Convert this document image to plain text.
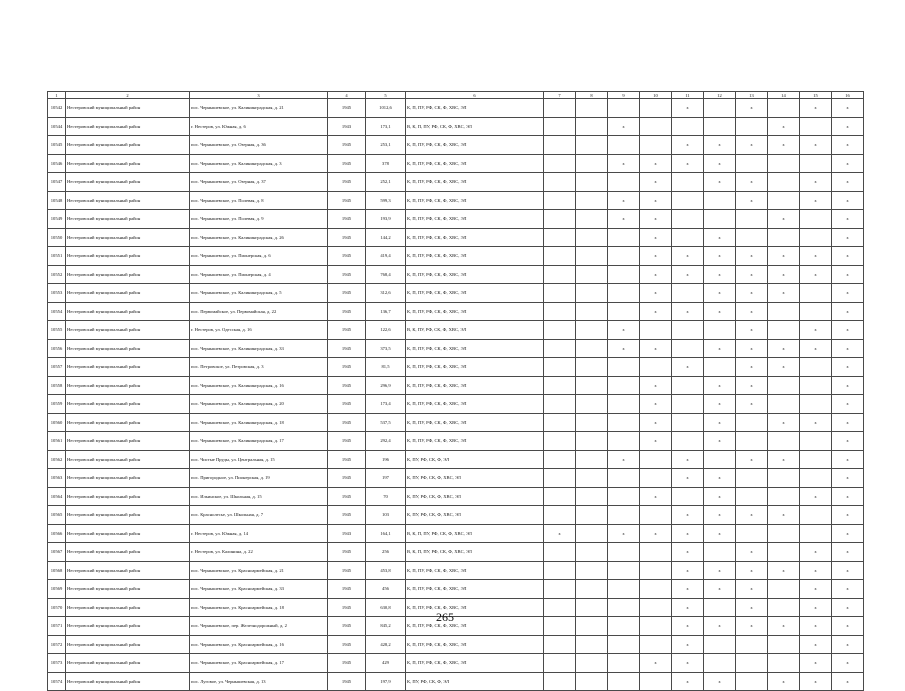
1	2	3	4	5	6	7	8	9	10	11	12	13	14	15	16
10542	Нестеровский муниципальный район	пос. Чернышевское, ул. Калининградская, д. 21	1945	1012,6	К, П, ПУ, РФ, СК, Ф, ХВС, ЭЛ					x		x		x	x
10544	Нестеровский муниципальный район	г. Нестеров, ул. Южная, д. 6	1943	173,1	В, К, П, ПУ, РФ, СК, Ф, ХВС, ЭЛ			x					x		x
10545	Нестеровский муниципальный район	пос. Чернышевское, ул. Озерная, д. 36	1945	253,1	К, П, ПУ, РФ, СК, Ф, ХВС, ЭЛ					x	x	x	x	x	x
10546	Нестеровский муниципальный район	пос. Чернышевское, ул. Калининградская, д. 3	1945	378	К, П, ПУ, РФ, СК, Ф, ХВС, ЭЛ			x	x	x	x				x
10547	Нестеровский муниципальный район	пос. Чернышевское, ул. Озерная, д. 37	1945	252,1	К, П, ПУ, РФ, СК, Ф, ХВС, ЭЛ				x		x	x		x	x
10548	Нестеровский муниципальный район	пос. Чернышевское, ул. Полевая, д. 8	1945	599,3	К, П, ПУ, РФ, СК, Ф, ХВС, ЭЛ			x	x			x		x	x
10549	Нестеровский муниципальный район	пос. Чернышевское, ул. Полевая, д. 9	1945	193,9	К, П, ПУ, РФ, СК, Ф, ХВС, ЭЛ			x	x				x		x
10550	Нестеровский муниципальный район	пос. Чернышевское, ул. Калининградская, д. 26	1945	144,2	К, П, ПУ, РФ, СК, Ф, ХВС, ЭЛ				x		x				x
10551	Нестеровский муниципальный район	пос. Чернышевское, ул. Пионерская, д. 6	1945	419,4	К, П, ПУ, РФ, СК, Ф, ХВС, ЭЛ				x	x	x	x	x	x	x
10552	Нестеровский муниципальный район	пос. Чернышевское, ул. Пионерская, д. 4	1945	768,4	К, П, ПУ, РФ, СК, Ф, ХВС, ЭЛ				x	x	x	x	x	x	x
10553	Нестеровский муниципальный район	пос. Чернышевское, ул. Калининградская, д. 5	1945	312,6	К, П, ПУ, РФ, СК, Ф, ХВС, ЭЛ				x		x	x	x		x
10554	Нестеровский муниципальный район	пос. Первомайское, ул. Первомайская, д. 22	1945	136,7	К, П, ПУ, РФ, СК, Ф, ХВС, ЭЛ				x	x	x	x			x
10555	Нестеровский муниципальный район	г. Нестеров, ул. Одесская, д. 16	1945	122,6	В, К, ПУ, РФ, СК, Ф, ХВС, ЭЛ			x				x		x	x
10556	Нестеровский муниципальный район	пос. Чернышевское, ул. Калининградская, д. 33	1945	373,5	К, П, ПУ, РФ, СК, Ф, ХВС, ЭЛ			x	x		x	x	x	x	x
10557	Нестеровский муниципальный район	пос. Петровское, ул. Петровская, д. 3	1945	81,5	К, П, ПУ, РФ, СК, Ф, ХВС, ЭЛ					x		x	x		x
10558	Нестеровский муниципальный район	пос. Чернышевское, ул. Калининградская, д. 16	1945	296,9	К, П, ПУ, РФ, СК, Ф, ХВС, ЭЛ				x		x	x			x
10559	Нестеровский муниципальный район	пос. Чернышевское, ул. Калининградская, д. 20	1945	173,4	К, П, ПУ, РФ, СК, Ф, ХВС, ЭЛ				x		x	x			x
10560	Нестеровский муниципальный район	пос. Чернышевское, ул. Калининградская, д. 18	1945	537,5	К, П, ПУ, РФ, СК, Ф, ХВС, ЭЛ				x		x		x	x	x
10561	Нестеровский муниципальный район	пос. Чернышевское, ул. Калининградская, д. 17	1945	292,4	К, П, ПУ, РФ, СК, Ф, ХВС, ЭЛ				x		x				x
10562	Нестеровский муниципальный район	пос. Чистые Пруды, ул. Центральная, д. 15	1945	196	К, ПУ, РФ, СК, Ф, ЭЛ			x		x		x	x		x
10563	Нестеровский муниципальный район	пос. Пригородное, ул. Пионерская, д. 19	1945	197	К, ПУ, РФ, СК, Ф, ХВС, ЭЛ					x	x				x
10564	Нестеровский муниципальный район	пос. Ильинское, ул. Школьная, д. 15	1945	70	К, ПУ, РФ, СК, Ф, ХВС, ЭЛ				x		x			x	x
10565	Нестеровский муниципальный район	пос. Краснолесье, ул. Школьная, д. 7	1945	103	К, ПУ, РФ, СК, Ф, ХВС, ЭЛ					x	x	x	x		x
10566	Нестеровский муниципальный район	г. Нестеров, ул. Южная, д. 14	1943	164,1	В, К, П, ПУ, РФ, СК, Ф, ХВС, ЭЛ	x		x	x	x	x				x
10567	Нестеровский муниципальный район	г. Нестеров, ул. Калинина, д. 22	1945	256	В, К, П, ПУ, РФ, СК, Ф, ХВС, ЭЛ					x		x		x	x
10568	Нестеровский муниципальный район	пос. Чернышевское, ул. Красноармейская, д. 21	1945	453,8	К, П, ПУ, РФ, СК, Ф, ХВС, ЭЛ					x	x	x	x	x	x
10569	Нестеровский муниципальный район	пос. Чернышевское, ул. Красноармейская, д. 33	1945	456	К, П, ПУ, РФ, СК, Ф, ХВС, ЭЛ					x	x	x		x	x
10570	Нестеровский муниципальный район	пос. Чернышевское, ул. Красноармейская, д. 18	1945	630,8	К, П, ПУ, РФ, СК, Ф, ХВС, ЭЛ					x		x		x	x
10571	Нестеровский муниципальный район	пос. Чернышевское, пер. Железнодорожный, д. 2	1945	845,2	К, П, ПУ, РФ, СК, Ф, ХВС, ЭЛ					x	x	x	x	x	x
10572	Нестеровский муниципальный район	пос. Чернышевское, ул. Красноармейская, д. 16	1945	428,2	К, П, ПУ, РФ, СК, Ф, ХВС, ЭЛ					x				x	x
10573	Нестеровский муниципальный район	пос. Чернышевское, ул. Красноармейская, д. 17	1945	429	К, П, ПУ, РФ, СК, Ф, ХВС, ЭЛ				x	x				x	x
10574	Нестеровский муниципальный район	пос. Луговое, ул. Чернышевская, д. 13	1945	197,9	К, ПУ, РФ, СК, Ф, ЭЛ					x	x		x	x	x
265
